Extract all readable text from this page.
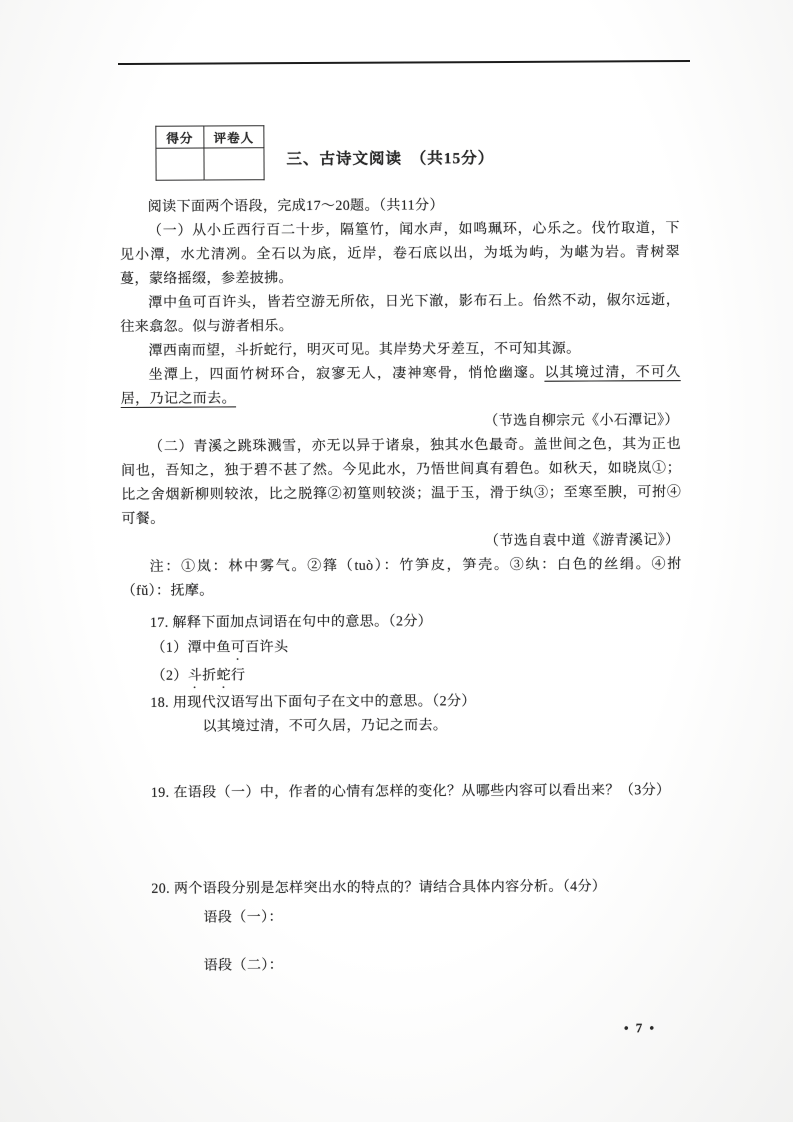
得分	评卷人

三、古诗文阅读　（共15分）

阅读下面两个语段，完成17～20题。（共11分）

（一）从小丘西行百二十步，隔篁竹，闻水声，如鸣珮环，心乐之。伐竹取道，下见小潭，水尤清冽。全石以为底，近岸，卷石底以出，为坻为屿，为嵁为岩。青树翠蔓，蒙络摇缀，参差披拂。

潭中鱼可百许头，皆若空游无所依，日光下澈，影布石上。佁然不动，俶尔远逝，往来翕忽。似与游者相乐。

潭西南而望，斗折蛇行，明灭可见。其岸势犬牙差互，不可知其源。

坐潭上，四面竹树环合，寂寥无人，凄神寒骨，悄怆幽邃。以其境过清，不可久居，乃记之而去。

（节选自柳宗元《小石潭记》）

（二）青溪之跳珠溅雪，亦无以异于诸泉，独其水色最奇。盖世间之色，其为正也间也，吾知之，独于碧不甚了然。今见此水，乃悟世间真有碧色。如秋天，如晓岚①；比之舍烟新柳则较浓，比之脱箨②初篁则较淡；温于玉，滑于纨③；至寒至腴，可拊④可餐。

（节选自袁中道《游青溪记》）

注：①岚：林中雾气。②箨（tuò）：竹笋皮，笋壳。③纨：白色的丝绢。④拊（fǔ）：抚摩。

17. 解释下面加点词语在句中的意思。（2分）

（1）潭中鱼可百许头

（2）斗折蛇行

18. 用现代汉语写出下面句子在文中的意思。（2分）

以其境过清，不可久居，乃记之而去。

19. 在语段（一）中，作者的心情有怎样的变化？从哪些内容可以看出来？（3分）

20. 两个语段分别是怎样突出水的特点的？请结合具体内容分析。（4分）

语段（一）：

语段（二）：

• 7 •
